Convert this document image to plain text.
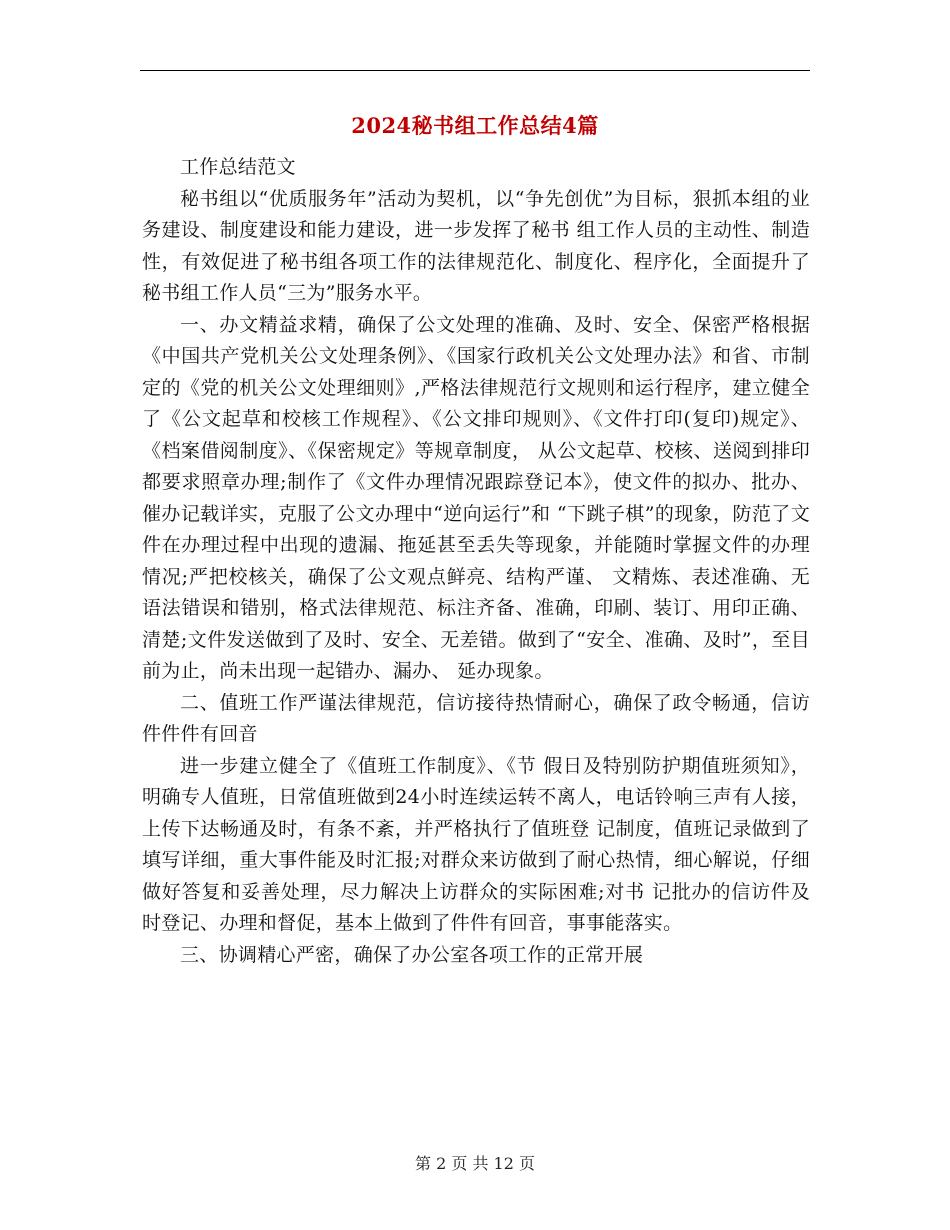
2024秘书组工作总结4篇

工作总结范文

秘书组以“优质服务年”活动为契机，以“争先创优”为目标，狠抓本组的业务建设、制度建设和能力建设，进一步发挥了秘书 组工作人员的主动性、制造性，有效促进了秘书组各项工作的法律规范化、制度化、程序化，全面提升了秘书组工作人员“三为”服务水平。

一、办文精益求精，确保了公文处理的准确、及时、安全、保密严格根据《中国共产党机关公文处理条例》、《国家行政机关公文处理办法》和省、市制定的《党的机关公文处理细则》,严格法律规范行文规则和运行程序，建立健全了《公文起草和校核工作规程》、《公文排印规则》、《文件打印(复印)规定》、《档案借阅制度》、《保密规定》等规章制度， 从公文起草、校核、送阅到排印都要求照章办理;制作了《文件办理情况跟踪登记本》，使文件的拟办、批办、催办记载详实，克服了公文办理中“逆向运行”和 “下跳子棋”的现象，防范了文件在办理过程中出现的遗漏、拖延甚至丢失等现象，并能随时掌握文件的办理情况;严把校核关，确保了公文观点鲜亮、结构严谨、 文精炼、表述准确、无语法错误和错别，格式法律规范、标注齐备、准确，印刷、装订、用印正确、清楚;文件发送做到了及时、安全、无差错。做到了“安全、准确、及时”，至目前为止，尚未出现一起错办、漏办、 延办现象。

二、值班工作严谨法律规范，信访接待热情耐心，确保了政令畅通，信访件件件有回音

进一步建立健全了《值班工作制度》、《节 假日及特别防护期值班须知》，明确专人值班，日常值班做到24小时连续运转不离人，电话铃响三声有人接，上传下达畅通及时，有条不紊，并严格执行了值班登 记制度，值班记录做到了填写详细，重大事件能及时汇报;对群众来访做到了耐心热情，细心解说，仔细做好答复和妥善处理，尽力解决上访群众的实际困难;对书 记批办的信访件及时登记、办理和督促，基本上做到了件件有回音，事事能落实。

三、协调精心严密，确保了办公室各项工作的正常开展

第 2 页 共 12 页
